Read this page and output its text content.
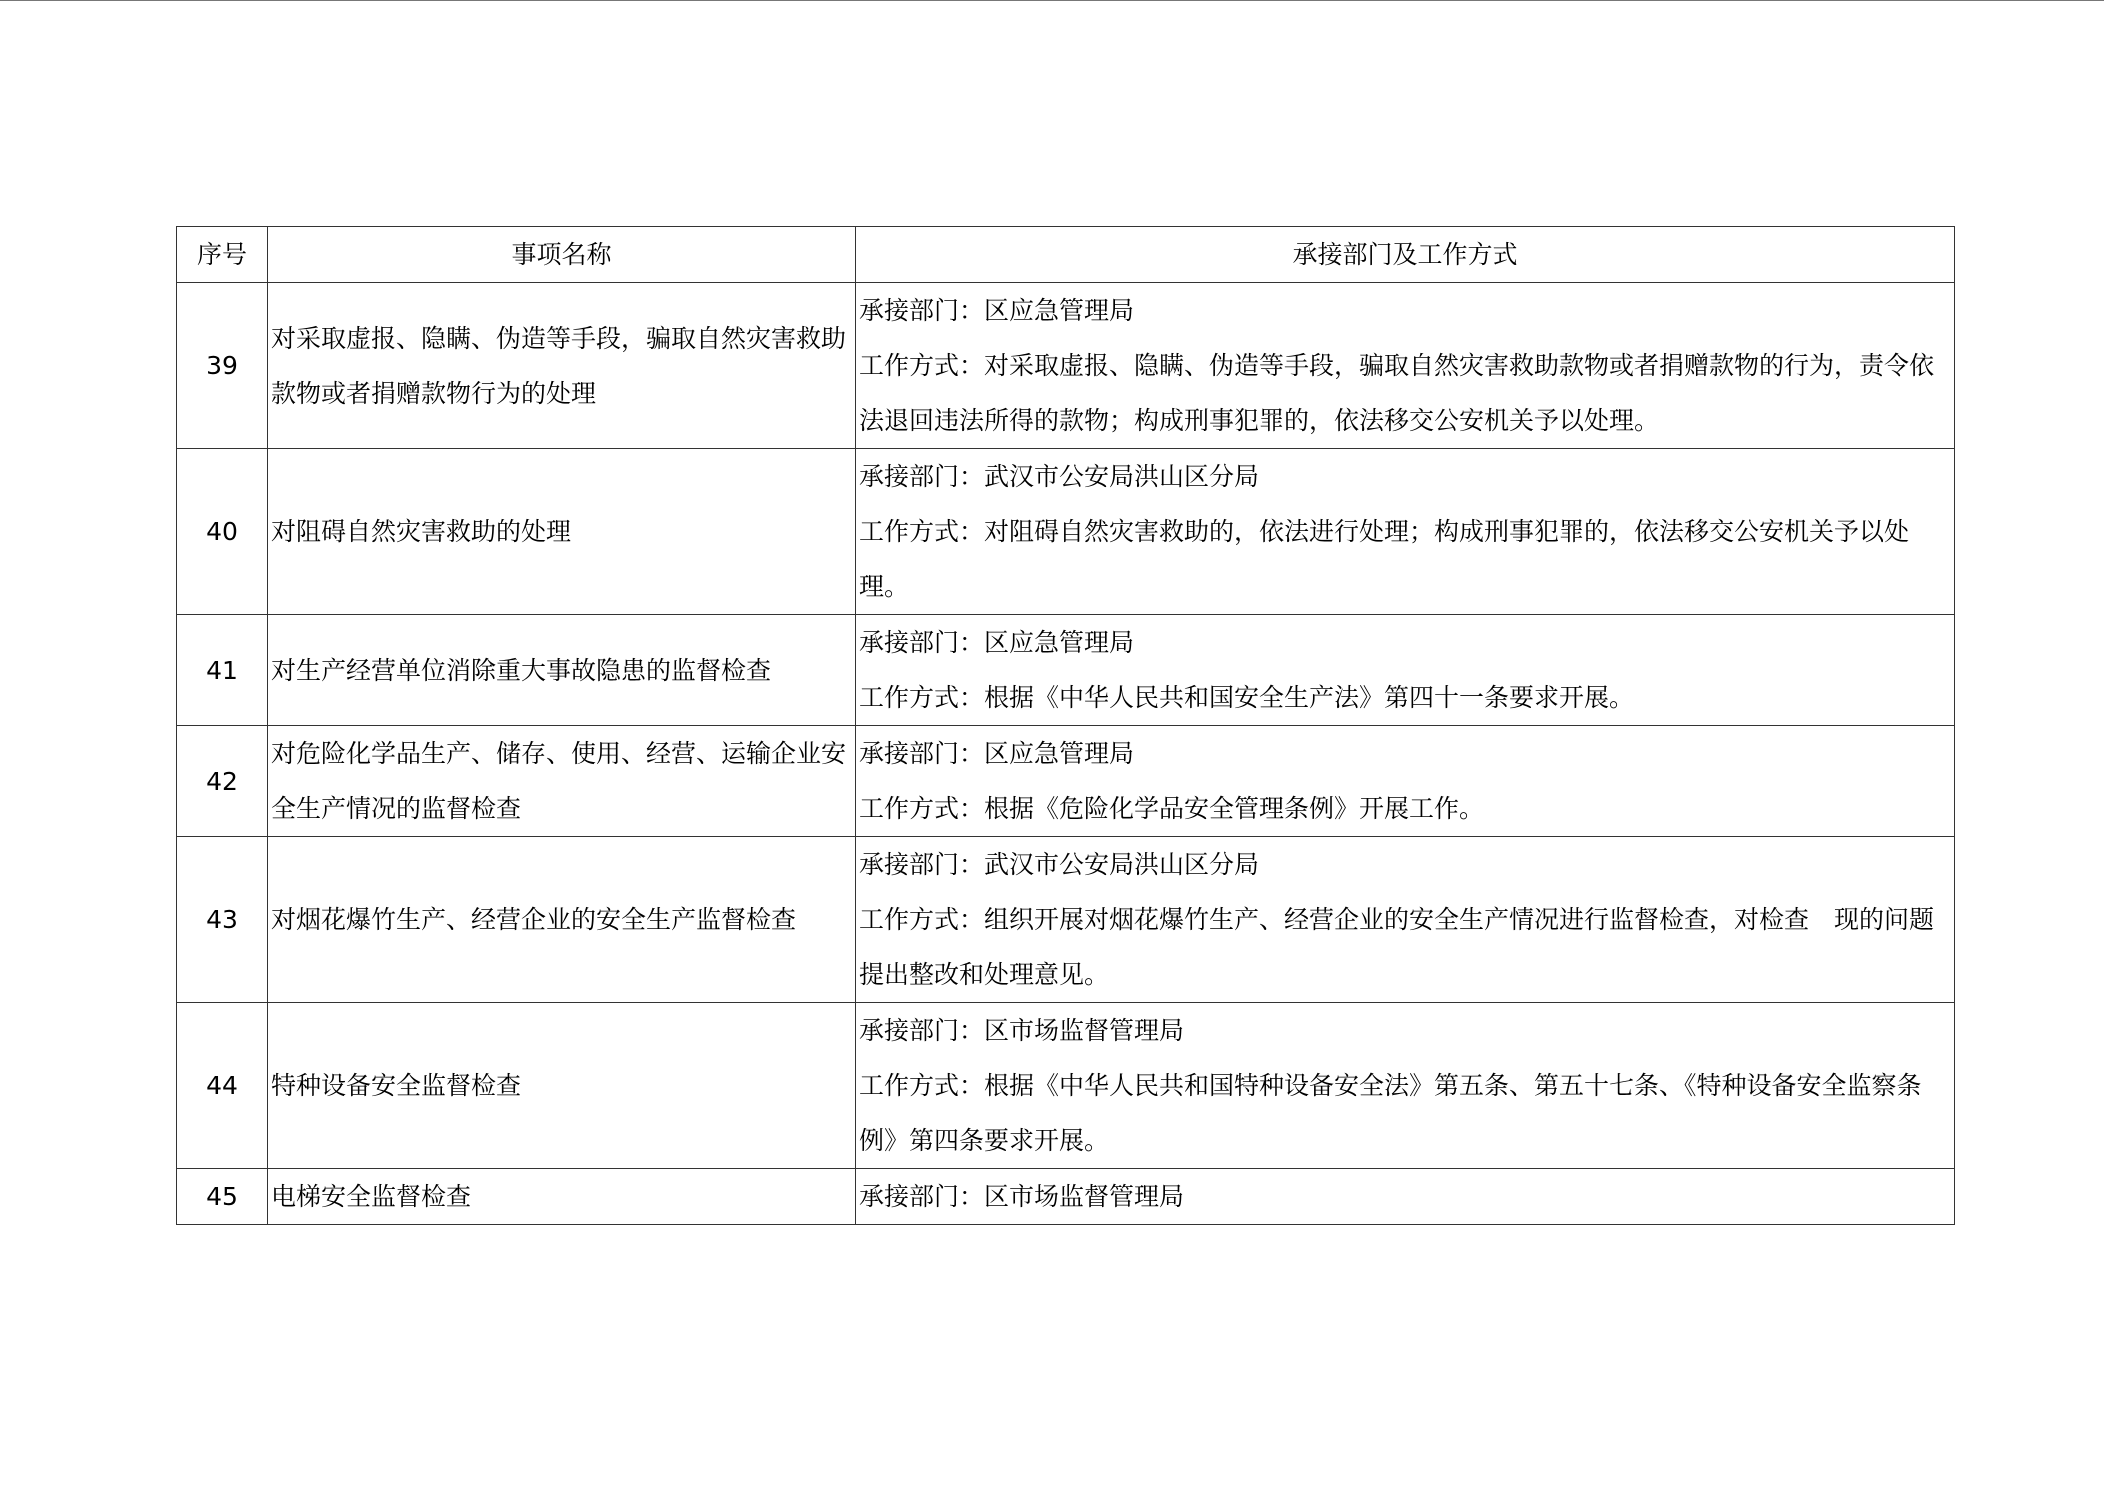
序号	事项名称	承接部门及工作方式
39	对采取虚报、隐瞒、伪造等手段，骗取自然灾害救助款物或者捐赠款物行为的处理	承接部门：区应急管理局
工作方式：对采取虚报、隐瞒、伪造等手段，骗取自然灾害救助款物或者捐赠款物的行为，责令依法退回违法所得的款物；构成刑事犯罪的，依法移交公安机关予以处理。

40	对阻碍自然灾害救助的处理	承接部门：武汉市公安局洪山区分局
工作方式：对阻碍自然灾害救助的，依法进行处理；构成刑事犯罪的，依法移交公安机关予以处理。

41	对生产经营单位消除重大事故隐患的监督检查	承接部门：区应急管理局
工作方式：根据《中华人民共和国安全生产法》第四十一条要求开展。

42	对危险化学品生产、储存、使用、经营、运输企业安全生产情况的监督检查	承接部门：区应急管理局
工作方式：根据《危险化学品安全管理条例》开展工作。

43	对烟花爆竹生产、经营企业的安全生产监督检查	承接部门：武汉市公安局洪山区分局
工作方式：组织开展对烟花爆竹生产、经营企业的安全生产情况进行监督检查，对检查　现的问题提出整改和处理意见。

44	特种设备安全监督检查	承接部门：区市场监督管理局
工作方式：根据《中华人民共和国特种设备安全法》第五条、第五十七条、《特种设备安全监察条例》第四条要求开展。

45	电梯安全监督检查	承接部门：区市场监督管理局
